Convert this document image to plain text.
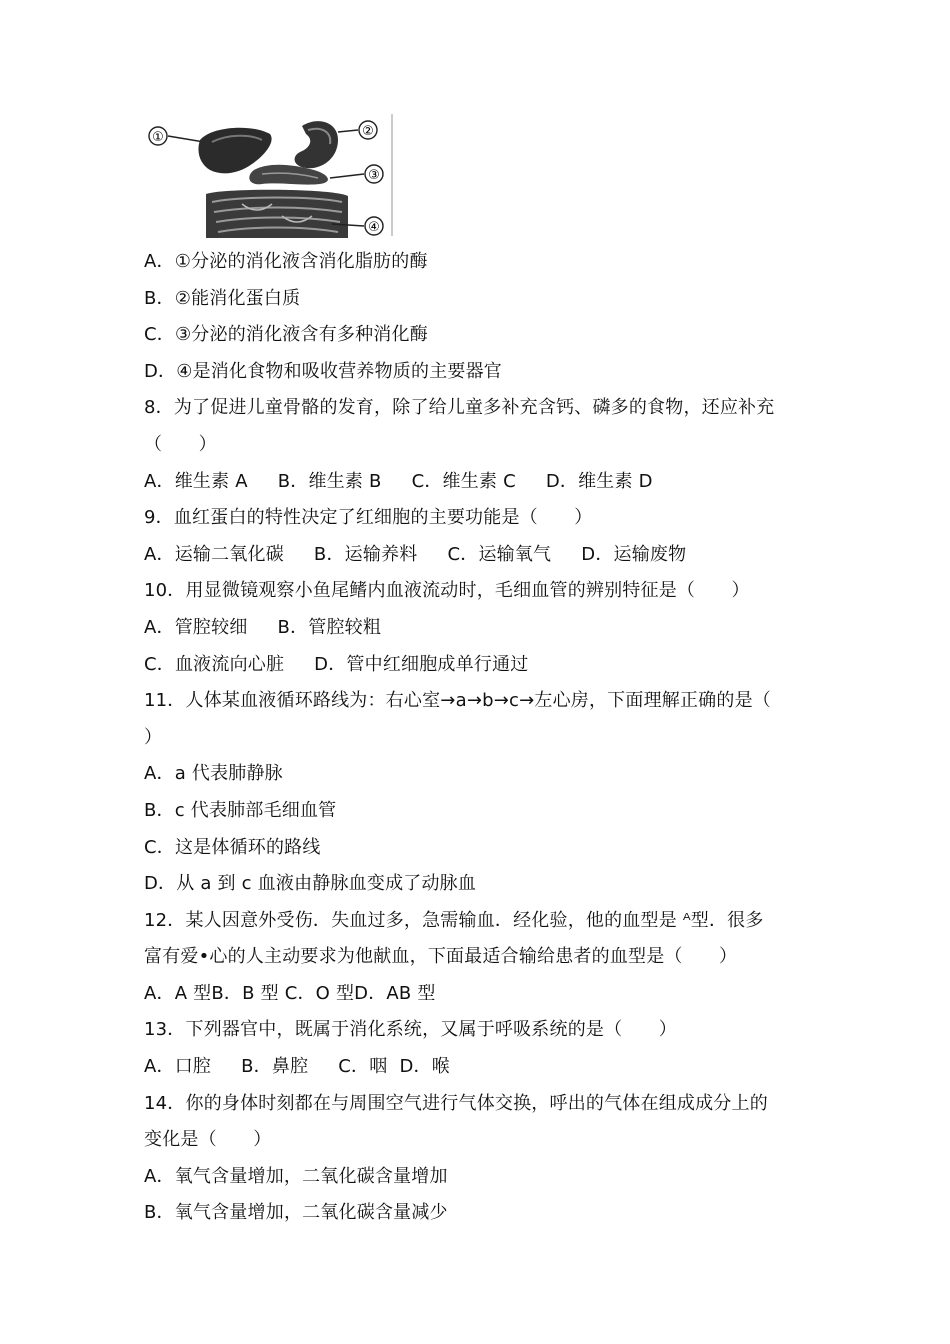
①	②
③
④
A．①分泌的消化液含消化脂肪的酶
B．②能消化蛋白质
C．③分泌的消化液含有多种消化酶
D．④是消化食物和吸收营养物质的主要器官
8．为了促进儿童骨骼的发育，除了给儿童多补充含钙、磷多的食物，还应补充
（　　）
A．维生素 A B．维生素 B C．维生素 C D．维生素 D
9．血红蛋白的特性决定了红细胞的主要功能是（　　）
A．运输二氧化碳 B．运输养料 C．运输氧气 D．运输废物
10．用显微镜观察小鱼尾鳍内血液流动时，毛细血管的辨别特征是（　　）
A．管腔较细 B．管腔较粗
C．血液流向心脏 D．管中红细胞成单行通过
11．人体某血液循环路线为：右心室→a→b→c→左心房，下面理解正确的是（
）
A．a 代表肺静脉
B．c 代表肺部毛细血管
C．这是体循环的路线
D．从 a 到 c 血液由静脉血变成了动脉血
12．某人因意外受伤．失血过多，急需输血．经化验，他的血型是 ᴬ型．很多
富有爱•心的人主动要求为他献血，下面最适合输给患者的血型是（　　）
A．A 型B．B 型 C．O 型D．AB 型
13．下列器官中，既属于消化系统，又属于呼吸系统的是（　　）
A．口腔 B．鼻腔 C．咽 D．喉
14．你的身体时刻都在与周围空气进行气体交换，呼出的气体在组成成分上的
变化是（　　）
A．氧气含量增加，二氧化碳含量增加
B．氧气含量增加，二氧化碳含量减少
